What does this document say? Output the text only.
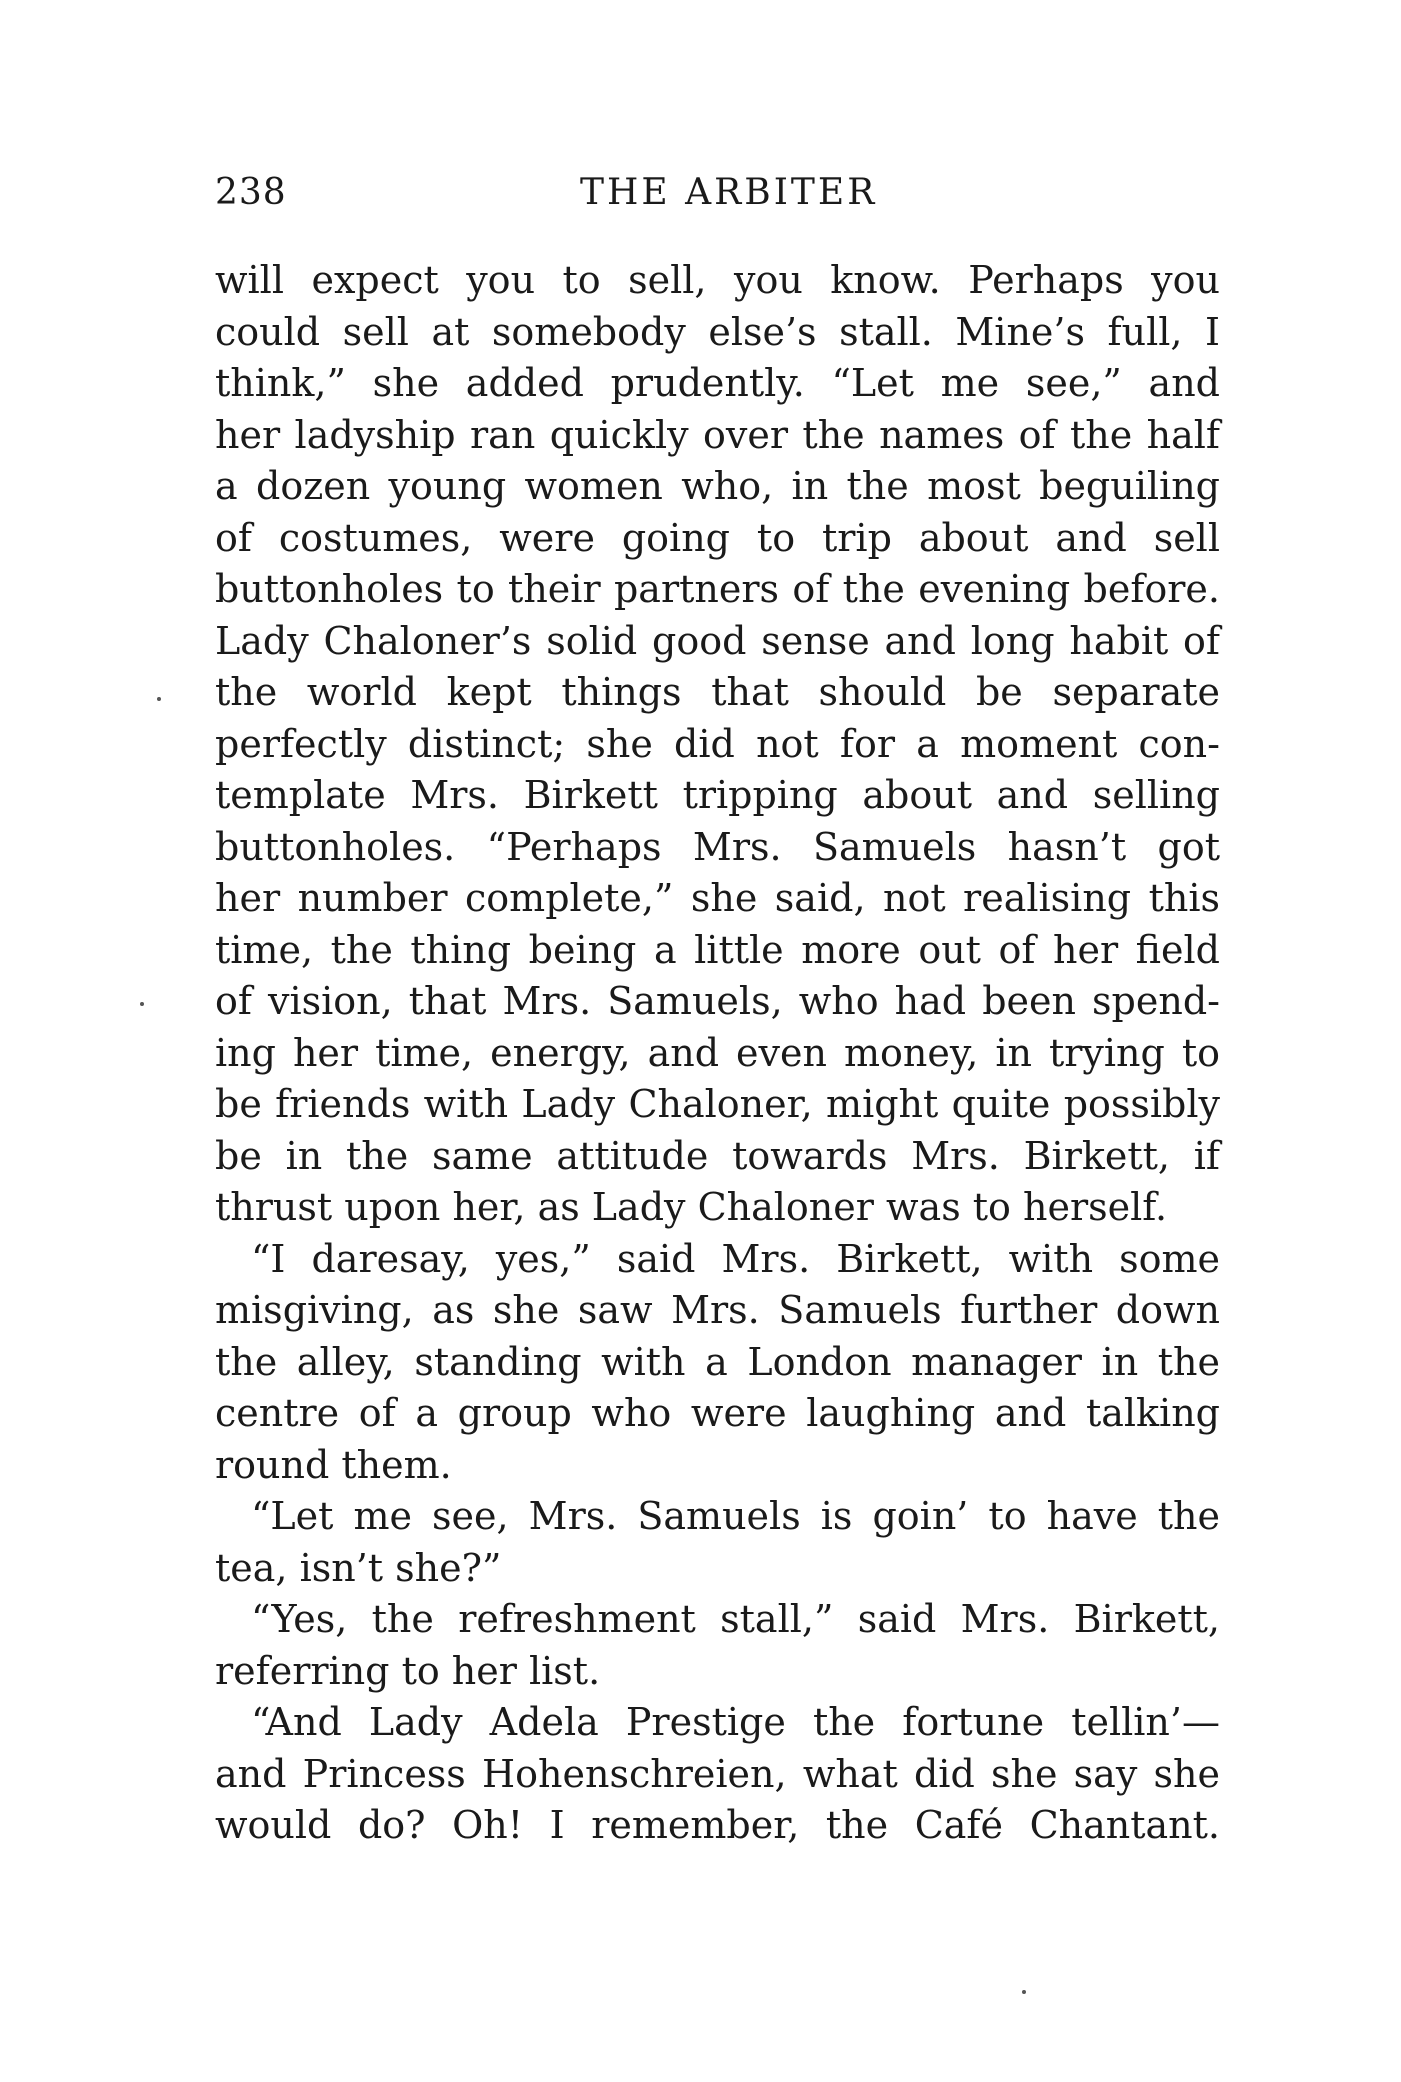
238	THE ARBITER
will expect you to sell, you know. Perhaps you
could sell at somebody else’s stall. Mine’s full, I
think,” she added prudently. “Let me see,” and
her ladyship ran quickly over the names of the half
a dozen young women who, in the most beguiling
of costumes, were going to trip about and sell
buttonholes to their partners of the evening before.
Lady Chaloner’s solid good sense and long habit of
the world kept things that should be separate
perfectly distinct; she did not for a moment con-
template Mrs. Birkett tripping about and selling
buttonholes. “Perhaps Mrs. Samuels hasn’t got
her number complete,” she said, not realising this
time, the thing being a little more out of her field
of vision, that Mrs. Samuels, who had been spend-
ing her time, energy, and even money, in trying to
be friends with Lady Chaloner, might quite possibly
be in the same attitude towards Mrs. Birkett, if
thrust upon her, as Lady Chaloner was to herself.
“I daresay, yes,” said Mrs. Birkett, with some
misgiving, as she saw Mrs. Samuels further down
the alley, standing with a London manager in the
centre of a group who were laughing and talking
round them.
“Let me see, Mrs. Samuels is goin’ to have the
tea, isn’t she?”
“Yes, the refreshment stall,” said Mrs. Birkett,
referring to her list.
“And Lady Adela Prestige the fortune tellin’—
and Princess Hohenschreien, what did she say she
would do? Oh! I remember, the Café Chantant.
